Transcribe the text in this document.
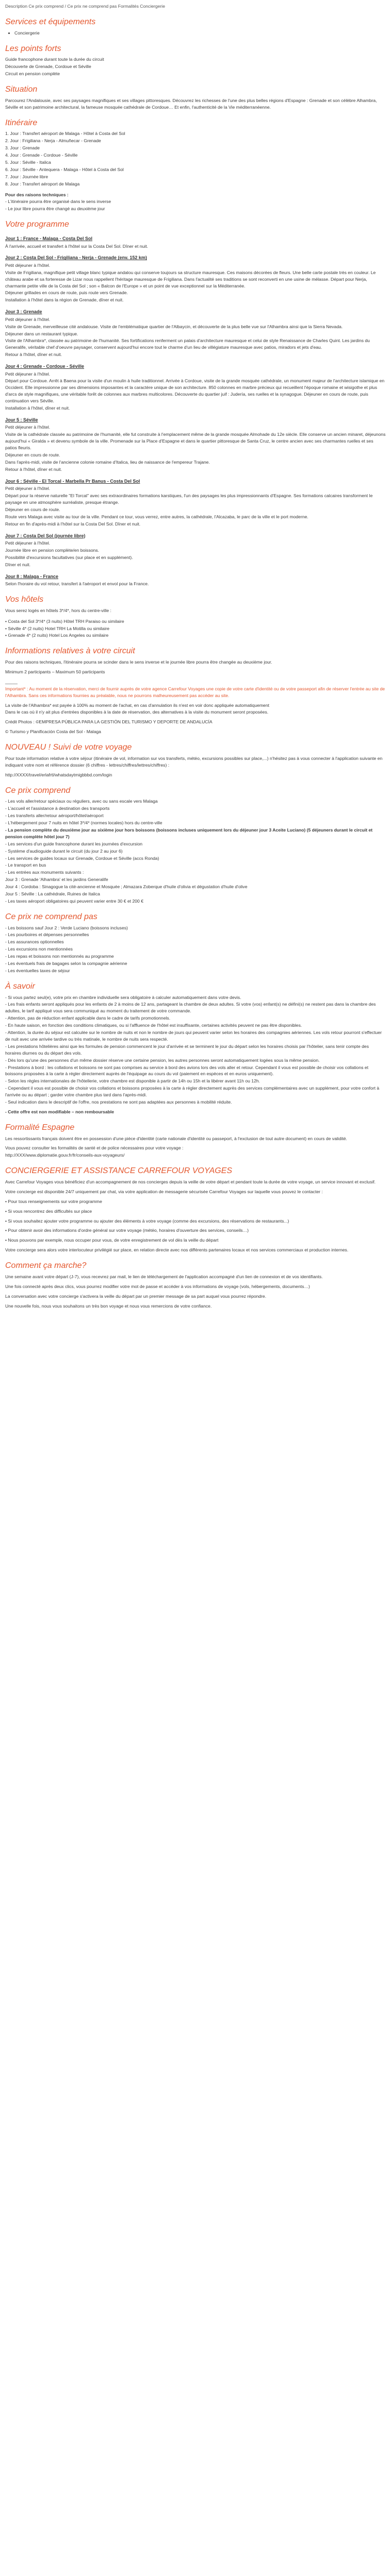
Description Ce prix comprend / Ce prix ne comprend pas Formalités Conciergerie

Services et équipements
• Conciergerie
Les points forts

Guide francophone durant toute la durée du circuit

Découverte de Grenade, Cordoue et Séville

Circuit en pension complète

Situation

Parcourez l'Andalousie, avec ses paysages magnifiques et ses villages pittoresques. Découvrez les richesses de l'une des plus belles régions d'Espagne : Grenade et son célèbre Alhambra, Séville et son patrimoine architectural, la fameuse mosquée cathédrale de Cordoue… Et enfin, l'authenticité de la Vie méditerranéenne.

Itinéraire

1. Jour : Transfert aéroport de Malaga - Hôtel à Costa del Sol

2. Jour : Frigiliana - Nerja - Almuñecar - Grenade

3. Jour : Grenade

4. Jour : Grenade - Cordoue - Séville

5. Jour : Séville - Italica

6. Jour : Séville - Antequera - Malaga - Hôtel à Costa del Sol

7. Jour : Journée libre

8. Jour : Transfert aéroport de Malaga

Pour des raisons techniques :

- L'itinéraire pourra être organisé dans le sens inverse

- Le jour libre pourra être changé au deuxième jour

Votre programme
Jour 1 : France - Malaga - Costa Del Sol

À l'arrivée, accueil et transfert à l'hôtel sur la Costa Del Sol. Dîner et nuit.

Jour 2 : Costa Del Sol - Frigiliana - Nerja - Grenade (env. 152 km)

Petit déjeuner à l'hôtel.

Visite de Frigiliana, magnifique petit village blanc typique andalou qui conserve toujours sa structure mauresque. Ces maisons décorées de fleurs. Une belle carte postale très en couleur. Le château arabe et sa forteresse de Lizar nous rappellent l'héritage mauresque de Frigiliana. Dans l'actualité ses traditions se sont reconverti en une usine de mélasse. Départ pour Nerja, charmante petite ville de la Costa del Sol ; son « Balcon de l'Europe » et un point de vue exceptionnel sur la Méditerranée.

Déjeuner grillades en cours de route, puis route vers Grenade.

Installation à l'hôtel dans la région de Grenade, dîner et nuit.

Jour 3 : Grenade

Petit déjeuner à l'hôtel.

Visite de Grenade, merveilleuse cité andalouse. Visite de l'emblématique quartier de l'Albaycin, et découverte de la plus belle vue sur l'Alhambra ainsi que la Sierra Nevada.

Déjeuner dans un restaurant typique.

Visite de l'Alhambra*, classée au patrimoine de l'humanité. Ses fortifications renferment un palais d'architecture mauresque et celui de style Renaissance de Charles Quint. Les jardins du Generalife, véritable chef d'oeuvre paysager, conservent aujourd'hui encore tout le charme d'un lieu de villégiature mauresque avec patios, miradors et jets d'eau.

Retour à l'hôtel, dîner et nuit.

Jour 4 : Grenade - Cordoue - Séville

Petit déjeuner à l'hôtel.

Départ pour Cordoue. Arrêt à Baena pour la visite d'un moulin à huile traditionnel. Arrivée à Cordoue, visite de la grande mosquée cathédrale, un monument majeur de l'architecture islamique en Occident. Elle impressionne par ses dimensions imposantes et la caractère unique de son architecture. 850 colonnes en marbre précieux qui recueillent l'époque romaine et wisigothe et plus d'arcs de style magnifiques, une véritable forêt de colonnes aux marbres multicolores. Découverte du quartier juif : Judería, ses ruelles et la synagogue. Déjeuner en cours de route, puis continuation vers Séville.

Installation à l'hôtel, dîner et nuit.

Jour 5 : Séville

Petit déjeuner à l'hôtel.

Visite de la cathédrale classée au patrimoine de l'humanité, elle fut construite à l'emplacement même de la grande mosquée Almohade du 12e siècle. Elle conserve un ancien minaret, déjeunons aujourd'hui « Giralda » et devenu symbole de la ville. Promenade sur la Place d'Espagne et dans le quartier pittoresque de Santa Cruz, le centre ancien avec ses charmantes ruelles et ses patios fleuris.

Déjeuner en cours de route.

Dans l'après-midi, visite de l'ancienne colonie romaine d'Italica, lieu de naissance de l'empereur Trajane.

Retour à l'hôtel, dîner et nuit.

Jour 6 : Séville - El Torcal - Marbella Pr Banus - Costa Del Sol

Petit déjeuner à l'hôtel.

Départ pour la réserve naturelle "El Torcal" avec ses extraordinaires formations karstiques, l'un des paysages les plus impressionnants d'Espagne. Ses formations calcaires transforment le paysage en une atmosphère surréaliste, presque étrange.

Déjeuner en cours de route.

Route vers Malaga avec visite au tour de la ville. Pendant ce tour, vous verrez, entre autres, la cathédrale, l'Alcazaba, le parc de la ville et le port moderne.

Retour en fin d'après-midi à l'hôtel sur la Costa Del Sol. Dîner et nuit.

Jour 7 : Costa Del Sol (journée libre)

Petit déjeuner à l'hôtel.

Journée libre en pension complète/en boissons.

Possibilité d'excursions facultatives (sur place et en supplément).

Dîner et nuit.

Jour 8 : Malaga - France

Selon l'horaire du vol retour, transfert à l'aéroport et envol pour la France.

Vos hôtels

Vous serez logés en hôtels 3*/4*, hors du centre-ville :

• Costa del Sol 3*/4* (3 nuits) Hôtel TRH Paraiso ou similaire

• Séville 4* (2 nuits) Hotel TRH La Motilla ou similaire

• Grenade 4* (2 nuits) Hotel Los Angeles ou similaire

Informations relatives à votre circuit

Pour des raisons techniques, l'itinéraire pourra se scinder dans le sens inverse et le journée libre pourra être changée au deuxième jour.

Minimum 2 participants – Maximum 50 participants

_____

Important* : Au moment de la réservation, merci de fournir auprès de votre agence Carrefour Voyages une copie de votre carte d'identité ou de votre passeport afin de réserver l'entrée au site de l'Alhambra. Sans ces informations fournies au préalable, nous ne pourrons malheureusement pas accéder au site.

La visite de l'Alhambra* est payée à 100% au moment de l'achat, en cas d'annulation ils n'est en voir donc appliquée automatiquement

Dans le cas où il n'y ait plus d'entrées disponibles à la date de réservation, des alternatives à la visite du monument seront proposées.

Crédit Photos : ©EMPRESA PÚBLICA PARA LA GESTIÓN DEL TURISMO Y DEPORTE DE ANDALUCÍA

© Turismo y Planificación Costa del Sol - Malaga

NOUVEAU ! Suivi de votre voyage

Pour toute information relative à votre séjour (itinéraire de vol, information sur vos transferts, météo, excursions possibles sur place,...) n'hésitez pas à vous connecter à l'application suivante en indiquant votre nom et référence dossier (6 chiffres - lettres/chiffres/lettres/chiffres) :

http://XXXX/travel/erlafrtl/whatsdaytmigbbbd.com/login

Ce prix comprend

- Les vols aller/retour spéciaux ou réguliers, avec ou sans escale vers Malaga

- L'accueil et l'assistance à destination des transports

- Les transferts aller/retour aéroport/hôtel/aéroport

- L'hébergement pour 7 nuits en hôtel 3*/4* (normes locales) hors du centre-ville

- La pension complète du deuxième jour au sixième jour hors boissons (boissons incluses uniquement lors du déjeuner jour 3 Aceite Luciano) (5 déjeuners durant le circuit et pension complète hôtel jour 7)

- Les services d'un guide francophone durant les journées d'excursion

- Système d'audioguide durant le circuit (du jour 2 au jour 6)

- Les services de guides locaux sur Grenade, Cordoue et Séville (accs Ronda)

- Le transport en bus

- Les entrées aux monuments suivants :

Jour 3 : Grenade 'Alhambra' et les jardins Generalife

Jour 4 : Cordoba : Sinagogue la cité-ancienne et Mosquée ; Almazara Zoberque d'huile d'olivia et dégustation d'huile d'olive

Jour 5 : Séville : La cathédrale, Ruines de Italica

- Les taxes aéroport obligatoires qui peuvent varier entre 30 € et 200 €

Ce prix ne comprend pas

- Les boissons sauf Jour 2 : Verde Luciano (boissons incluses)

- Les pourboires et dépenses personnelles

- Les assurances optionnelles

- Les excursions non mentionnées

- Les repas et boissons non mentionnés au programme

- Les éventuels frais de bagages selon la compagnie aérienne

- Les éventuelles taxes de séjour

À savoir

- Si vous partez seul(e), votre prix en chambre individuelle sera obligatoire à calculer automatiquement dans votre devis.

- Les frais enfants seront appliqués pour les enfants de 2 à moins de 12 ans, partageant la chambre de deux adultes. Si votre (vos) enfant(s) ne défini(s) ne restent pas dans la chambre des adultes, le tarif appliqué vous sera communiqué au moment du traitement de votre commande.

- Attention, pas de réduction enfant applicable dans le cadre de tarifs promotionnels.

- En haute saison, en fonction des conditions climatiques, ou si l'affluence de l'hôtel est insuffisante, certaines activités peuvent ne pas être disponibles.

- Attention, la durée du séjour est calculée sur le nombre de nuits et non le nombre de jours qui peuvent varier selon les horaires des compagnies aériennes. Les vols retour pourront s'effectuer de nuit avec une arrivée tardive ou très matinale, le nombre de nuits sera respecté.

- Les prestations hôtelières ainsi que les formules de pension commencent le jour d'arrivée et se terminent le jour du départ selon les horaires choisis par l'hôtelier, sans tenir compte des horaires diurnes ou du départ des vols.

- Dès lors qu'une des personnes d'un même dossier réserve une certaine pension, les autres personnes seront automatiquement logées sous la même pension.

- Prestations à bord : les collations et boissons ne sont pas comprises au service à bord des avions lors des vols aller et retour. Cependant il vous est possible de choisir vos collations et boissons proposées à la carte à régler directement auprès de l'équipage au cours du vol (paiement en espèces et en euros uniquement).

- Selon les règles internationales de l'hôtellerie, votre chambre est disponible à partir de 14h ou 15h et la libérer avant 11h ou 12h.

- Cependant il vous est possible de choisir vos collations et boissons proposées à la carte à régler directement auprès des services complémentaires avec un supplément, pour votre confort à l'arrivée ou au départ ; garder votre chambre plus tard dans l'après-midi.

- Seul indication dans le descriptif de l'offre, nos prestations ne sont pas adaptées aux personnes à mobilité réduite.

- Cette offre est non modifiable – non remboursable

Formalité Espagne

Les ressortissants français doivent être en possession d'une pièce d'identité (carte nationale d'identité ou passeport, à l'exclusion de tout autre document) en cours de validité.

Vous pouvez consulter les formalités de santé et de police nécessaires pour votre voyage :

http://XXX/www.diplomatie.gouv.fr/fr/conseils-aux-voyageurs/

CONCIERGERIE ET ASSISTANCE CARREFOUR VOYAGES

Avec Carrefour Voyages vous bénéficiez d'un accompagnement de nos concierges depuis la veille de votre départ et pendant toute la durée de votre voyage, un service innovant et exclusif.

Votre concierge est disponible 24/7 uniquement par chat, via votre application de messagerie sécurisée Carrefour Voyages sur laquelle vous pouvez le contacter :

• Pour tous renseignements sur votre programme

• Si vous rencontrez des difficultés sur place

• Si vous souhaitez ajouter votre programme ou ajouter des éléments à votre voyage (comme des excursions, des réservations de restaurants...)

• Pour obtenir avoir des informations d'ordre général sur votre voyage (météo, horaires d'ouverture des services, conseils…)

• Nous pouvons par exemple, nous occuper pour vous, de votre enregistrement de vol dès la veille du départ

Votre concierge sera alors votre interlocuteur privilégié sur place, en relation directe avec nos différents partenaires locaux et nos services commerciaux et production internes.

Comment ça marche?

Une semaine avant votre départ (J-7), vous recevrez par mail, le lien de téléchargement de l'application accompagné d'un lien de connexion et de vos identifiants.

Une fois connecté après deux clics, vous pourrez modifier votre mot de passe et accéder à vos informations de voyage (vols, hébergements, documents…)

La conversation avec votre concierge s'activera la veille du départ par un premier message de sa part auquel vous pourrez répondre.

Une nouvelle fois, nous vous souhaitons un très bon voyage et nous vous remercions de votre confiance.
